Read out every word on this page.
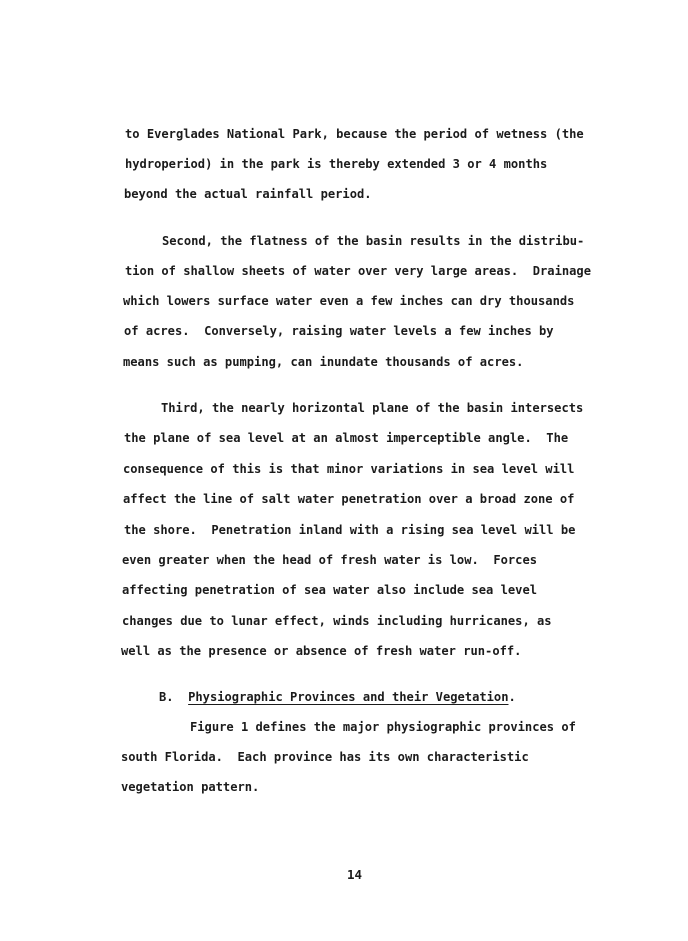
to Everglades National Park, because the period of wetness (the
hydroperiod) in the park is thereby extended 3 or 4 months
beyond the actual rainfall period.
Second, the flatness of the basin results in the distribu-
tion of shallow sheets of water over very large areas.  Drainage
which lowers surface water even a few inches can dry thousands
of acres.  Conversely, raising water levels a few inches by
means such as pumping, can inundate thousands of acres.
Third, the nearly horizontal plane of the basin intersects
the plane of sea level at an almost imperceptible angle.  The
consequence of this is that minor variations in sea level will
affect the line of salt water penetration over a broad zone of
the shore.  Penetration inland with a rising sea level will be
even greater when the head of fresh water is low.  Forces
affecting penetration of sea water also include sea level
changes due to lunar effect, winds including hurricanes, as
well as the presence or absence of fresh water run-off.
B. Physiographic Provinces and their Vegetation.
Figure 1 defines the major physiographic provinces of
south Florida.  Each province has its own characteristic
vegetation pattern.
14
